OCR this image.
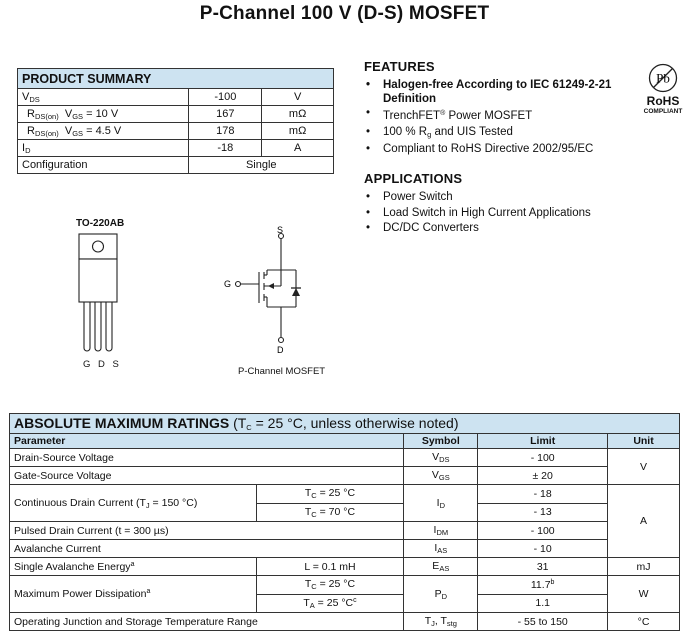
P-Channel 100 V (D-S) MOSFET
PRODUCT SUMMARY		
$V_{DS}$	-100	V
$R_{DS(on)}$ $V_{GS} = 10$ V	167	mΩ
$R_{DS(on)}$ $V_{GS} = 4.5$ V	178	mΩ
$I_D$	-18	A
Configuration	Single	
FEATURES
• Halogen-free According to IEC 61249-2-21
Definition
• TrenchFET® Power MOSFET
• 100 % $R_g$ and UIS Tested
• Compliant to RoHS Directive 2002/95/EC
Pb
RoHS
COMPLIANT
APPLICATIONS
• Power Switch
• Load Switch in High Current Applications
• DC/DC Converters
TO-220AB
G D S
S
G
D
P-Channel MOSFET
ABSOLUTE MAXIMUM RATINGS ($T_C = 25$ °C, unless otherwise noted)				
Parameter		Symbol	Limit	Unit
Drain-Source Voltage		$V_{DS}$	- 100	V
Gate-Source Voltage		$V_{GS}$	± 20	
Continuous Drain Current ($T_J = 150$ °C)	$T_C = 25$ °C	$I_D$	- 18	A
	$T_C = 70$ °C		- 13	
Pulsed Drain Current (t = 300 µs)		$I_{DM}$	- 100	
Avalanche Current		$I_{AS}$	- 10	
Single Avalanche Energy$^a$	L = 0.1 mH	$E_{AS}$	31	mJ
Maximum Power Dissipation$^a$	$T_C = 25$ °C	$P_D$	11.7$^b$	W
	$T_A = 25$ $^\circ C^c$		1.1	
Operating Junction and Storage Temperature Range		$T_J$, $T_{stg}$	- 55 to 150	°C
